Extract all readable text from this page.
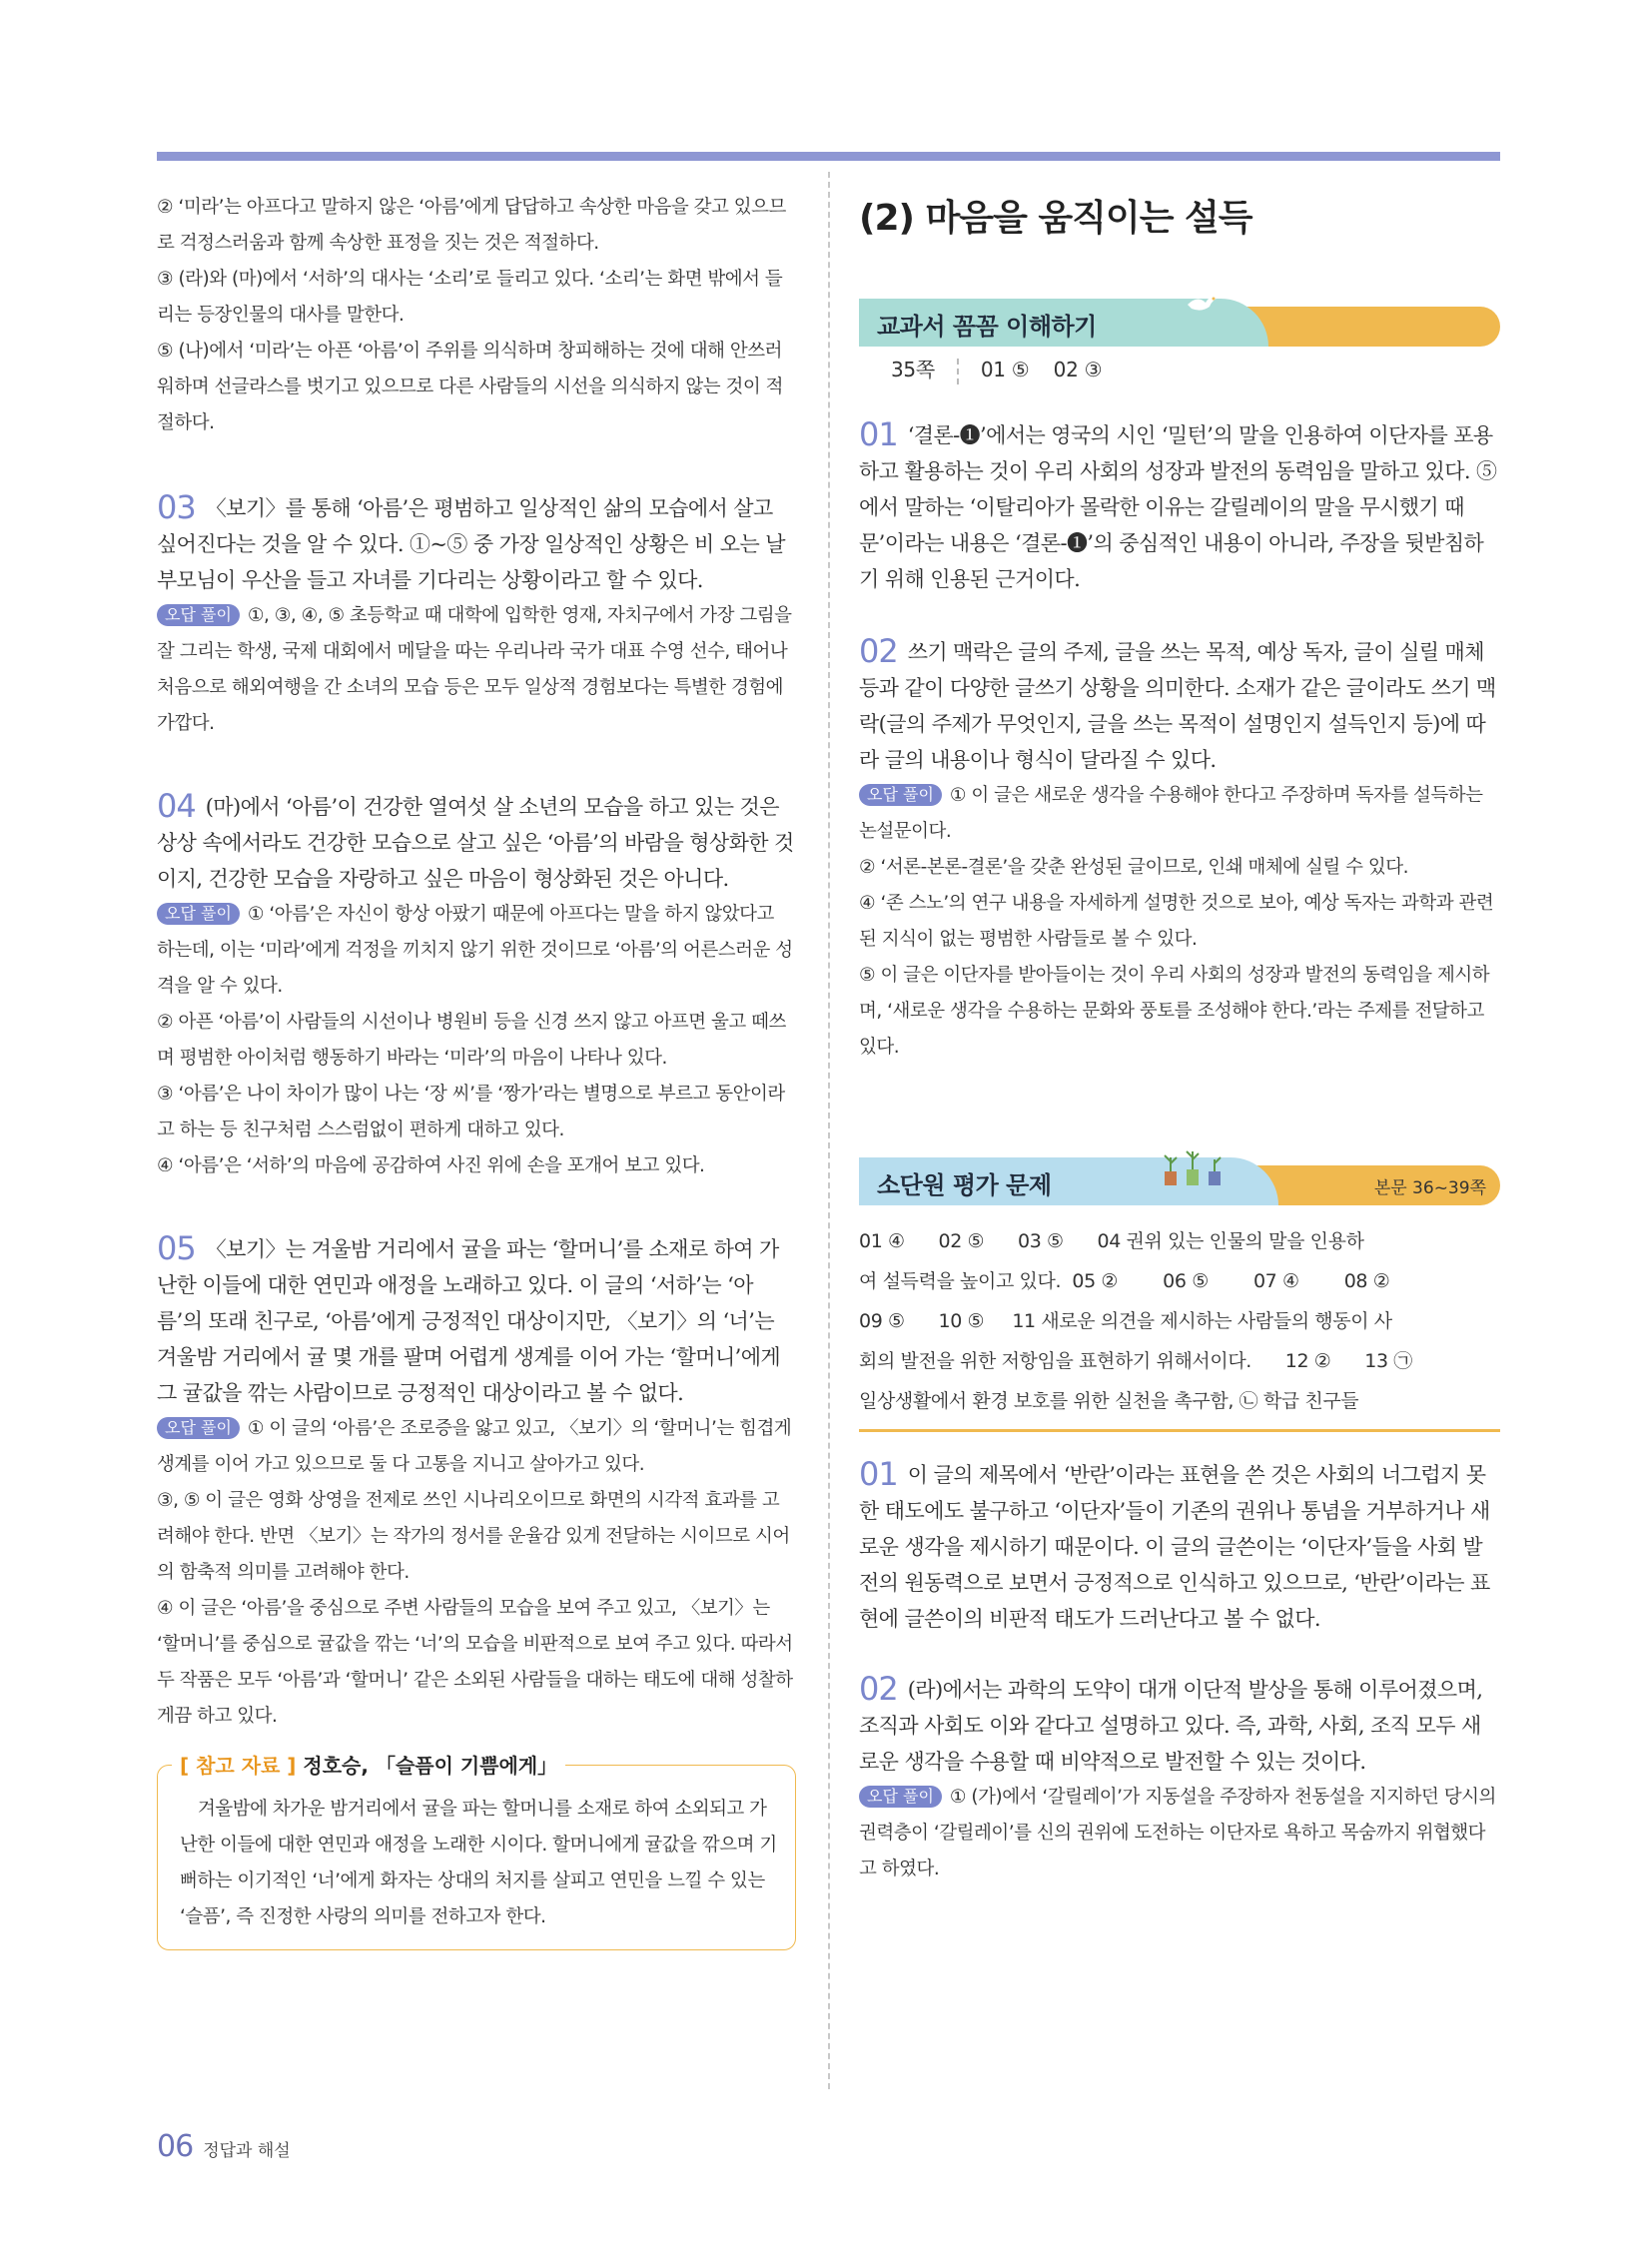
② ‘미라’는 아프다고 말하지 않은 ‘아름’에게 답답하고 속상한 마음을 갖고 있으므로 걱정스러움과 함께 속상한 표정을 짓는 것은 적절하다.

③ (라)와 (마)에서 ‘서하’의 대사는 ‘소리’로 들리고 있다. ‘소리’는 화면 밖에서 들리는 등장인물의 대사를 말한다.

⑤ (나)에서 ‘미라’는 아픈 ‘아름’이 주위를 의식하며 창피해하는 것에 대해 안쓰러워하며 선글라스를 벗기고 있으므로 다른 사람들의 시선을 의식하지 않는 것이 적절하다.

03 〈보기〉를 통해 ‘아름’은 평범하고 일상적인 삶의 모습에서 살고 싶어진다는 것을 알 수 있다. ①~⑤ 중 가장 일상적인 상황은 비 오는 날 부모님이 우산을 들고 자녀를 기다리는 상황이라고 할 수 있다.

오답 풀이 ①, ③, ④, ⑤ 초등학교 때 대학에 입학한 영재, 자치구에서 가장 그림을 잘 그리는 학생, 국제 대회에서 메달을 따는 우리나라 국가 대표 수영 선수, 태어나 처음으로 해외여행을 간 소녀의 모습 등은 모두 일상적 경험보다는 특별한 경험에 가깝다.

04 (마)에서 ‘아름’이 건강한 열여섯 살 소년의 모습을 하고 있는 것은 상상 속에서라도 건강한 모습으로 살고 싶은 ‘아름’의 바람을 형상화한 것이지, 건강한 모습을 자랑하고 싶은 마음이 형상화된 것은 아니다.

오답 풀이 ① ‘아름’은 자신이 항상 아팠기 때문에 아프다는 말을 하지 않았다고 하는데, 이는 ‘미라’에게 걱정을 끼치지 않기 위한 것이므로 ‘아름’의 어른스러운 성격을 알 수 있다.

② 아픈 ‘아름’이 사람들의 시선이나 병원비 등을 신경 쓰지 않고 아프면 울고 떼쓰며 평범한 아이처럼 행동하기 바라는 ‘미라’의 마음이 나타나 있다.

③ ‘아름’은 나이 차이가 많이 나는 ‘장 씨’를 ‘짱가’라는 별명으로 부르고 동안이라고 하는 등 친구처럼 스스럼없이 편하게 대하고 있다.

④ ‘아름’은 ‘서하’의 마음에 공감하여 사진 위에 손을 포개어 보고 있다.

05 〈보기〉는 겨울밤 거리에서 귤을 파는 ‘할머니’를 소재로 하여 가난한 이들에 대한 연민과 애정을 노래하고 있다. 이 글의 ‘서하’는 ‘아름’의 또래 친구로, ‘아름’에게 긍정적인 대상이지만, 〈보기〉의 ‘너’는 겨울밤 거리에서 귤 몇 개를 팔며 어렵게 생계를 이어 가는 ‘할머니’에게 그 귤값을 깎는 사람이므로 긍정적인 대상이라고 볼 수 없다.

오답 풀이 ① 이 글의 ‘아름’은 조로증을 앓고 있고, 〈보기〉의 ‘할머니’는 힘겹게 생계를 이어 가고 있으므로 둘 다 고통을 지니고 살아가고 있다.

③, ⑤ 이 글은 영화 상영을 전제로 쓰인 시나리오이므로 화면의 시각적 효과를 고려해야 한다. 반면 〈보기〉는 작가의 정서를 운율감 있게 전달하는 시이므로 시어의 함축적 의미를 고려해야 한다.

④ 이 글은 ‘아름’을 중심으로 주변 사람들의 모습을 보여 주고 있고, 〈보기〉는 ‘할머니’를 중심으로 귤값을 깎는 ‘너’의 모습을 비판적으로 보여 주고 있다. 따라서 두 작품은 모두 ‘아름’과 ‘할머니’ 같은 소외된 사람들을 대하는 태도에 대해 성찰하게끔 하고 있다.

[ 참고 자료 ] 정호승, 「슬픔이 기쁨에게」

겨울밤에 차가운 밤거리에서 귤을 파는 할머니를 소재로 하여 소외되고 가난한 이들에 대한 연민과 애정을 노래한 시이다. 할머니에게 귤값을 깎으며 기뻐하는 이기적인 ‘너’에게 화자는 상대의 처지를 살피고 연민을 느낄 수 있는 ‘슬픔’, 즉 진정한 사랑의 의미를 전하고자 한다.

(2) 마음을 움직이는 설득
교과서 꼼꼼 이해하기
35쪽 01 ⑤ 02 ③

01 ‘결론-❶’에서는 영국의 시인 ‘밀턴’의 말을 인용하여 이단자를 포용하고 활용하는 것이 우리 사회의 성장과 발전의 동력임을 말하고 있다. ⑤에서 말하는 ‘이탈리아가 몰락한 이유는 갈릴레이의 말을 무시했기 때문’이라는 내용은 ‘결론-❶’의 중심적인 내용이 아니라, 주장을 뒷받침하기 위해 인용된 근거이다.

02 쓰기 맥락은 글의 주제, 글을 쓰는 목적, 예상 독자, 글이 실릴 매체 등과 같이 다양한 글쓰기 상황을 의미한다. 소재가 같은 글이라도 쓰기 맥락(글의 주제가 무엇인지, 글을 쓰는 목적이 설명인지 설득인지 등)에 따라 글의 내용이나 형식이 달라질 수 있다.

오답 풀이 ① 이 글은 새로운 생각을 수용해야 한다고 주장하며 독자를 설득하는 논설문이다.

② ‘서론-본론-결론’을 갖춘 완성된 글이므로, 인쇄 매체에 실릴 수 있다.

④ ‘존 스노’의 연구 내용을 자세하게 설명한 것으로 보아, 예상 독자는 과학과 관련된 지식이 없는 평범한 사람들로 볼 수 있다.

⑤ 이 글은 이단자를 받아들이는 것이 우리 사회의 성장과 발전의 동력임을 제시하며, ‘새로운 생각을 수용하는 문화와 풍토를 조성해야 한다.’라는 주제를 전달하고 있다.

소단원 평가 문제	본문 36~39쪽
01 ④ 02 ⑤ 03 ⑤ 04 권위 있는 인물의 말을 인용하
여 설득력을 높이고 있다. 05 ② 06 ⑤ 07 ④ 08 ②
09 ⑤ 10 ⑤ 11 새로운 의견을 제시하는 사람들의 행동이 사
회의 발전을 위한 저항임을 표현하기 위해서이다. 12 ② 13 ㉠
일상생활에서 환경 보호를 위한 실천을 촉구함, ㉡ 학급 친구들

01 이 글의 제목에서 ‘반란’이라는 표현을 쓴 것은 사회의 너그럽지 못한 태도에도 불구하고 ‘이단자’들이 기존의 권위나 통념을 거부하거나 새로운 생각을 제시하기 때문이다. 이 글의 글쓴이는 ‘이단자’들을 사회 발전의 원동력으로 보면서 긍정적으로 인식하고 있으므로, ‘반란’이라는 표현에 글쓴이의 비판적 태도가 드러난다고 볼 수 없다.

02 (라)에서는 과학의 도약이 대개 이단적 발상을 통해 이루어졌으며, 조직과 사회도 이와 같다고 설명하고 있다. 즉, 과학, 사회, 조직 모두 새로운 생각을 수용할 때 비약적으로 발전할 수 있는 것이다.

오답 풀이 ① (가)에서 ‘갈릴레이’가 지동설을 주장하자 천동설을 지지하던 당시의 권력층이 ‘갈릴레이’를 신의 권위에 도전하는 이단자로 욕하고 목숨까지 위협했다고 하였다.

06 정답과 해설
